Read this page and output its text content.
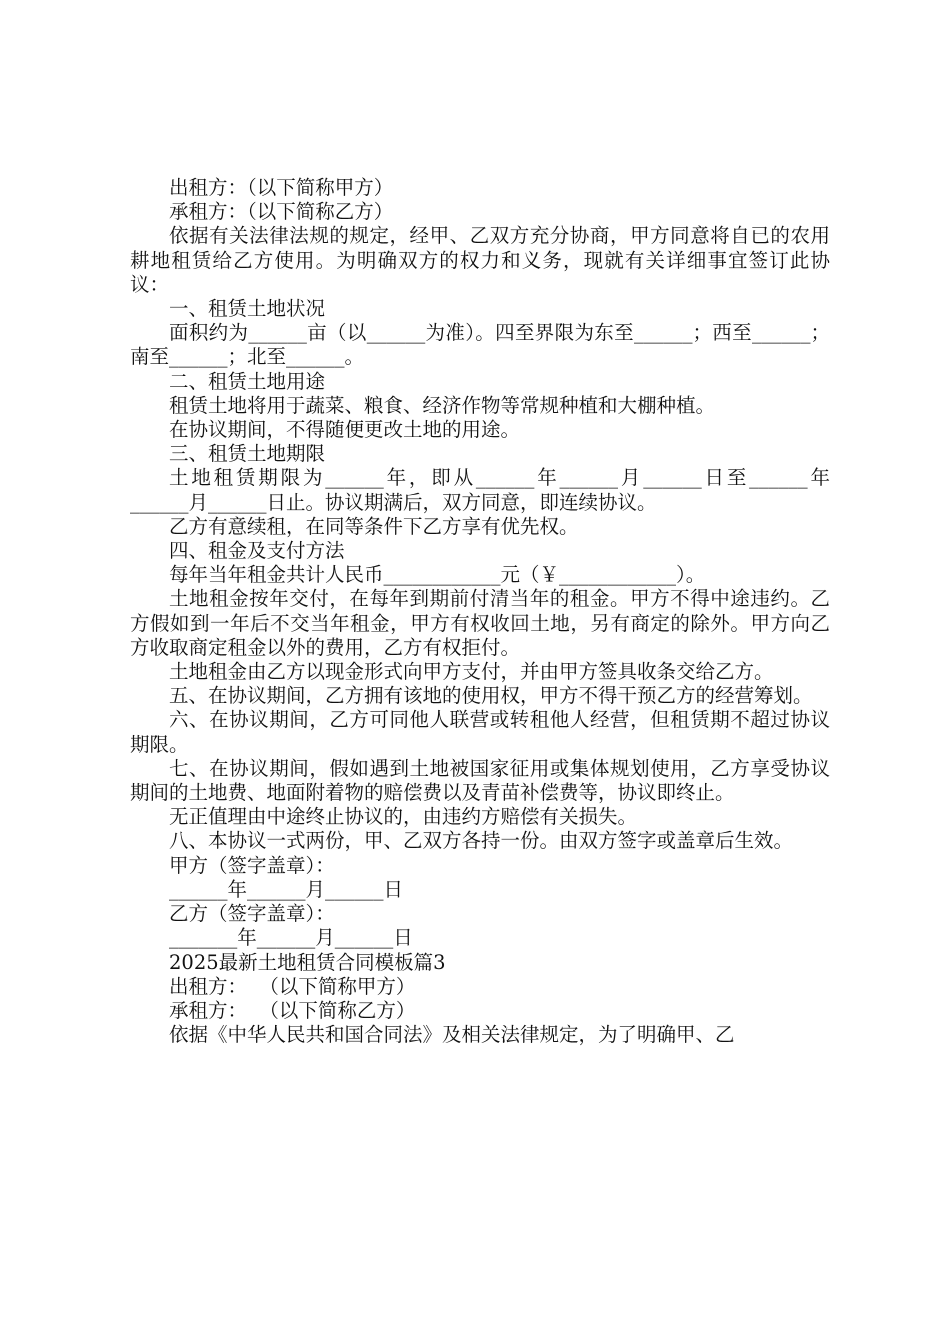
出租方：（以下简称甲方）

承租方：（以下简称乙方）

依据有关法律法规的规定，经甲、乙双方充分协商，甲方同意将自已的农用耕地租赁给乙方使用。为明确双方的权力和义务，现就有关详细事宜签订此协议：

一、租赁土地状况

面积约为______亩（以______为准）。四至界限为东至______；西至______；南至______；北至______。

二、租赁土地用途

租赁土地将用于蔬菜、粮食、经济作物等常规种植和大棚种植。

在协议期间，不得随便更改土地的用途。

三、租赁土地期限

土地租赁期限为______年，即从______年______月______日至______年______月______日止。协议期满后，双方同意，即连续协议。

乙方有意续租，在同等条件下乙方享有优先权。

四、租金及支付方法

每年当年租金共计人民币____________元（￥____________）。

土地租金按年交付，在每年到期前付清当年的租金。甲方不得中途违约。乙方假如到一年后不交当年租金，甲方有权收回土地，另有商定的除外。甲方向乙方收取商定租金以外的费用，乙方有权拒付。

土地租金由乙方以现金形式向甲方支付，并由甲方签具收条交给乙方。

五、在协议期间，乙方拥有该地的使用权，甲方不得干预乙方的经营筹划。

六、在协议期间，乙方可同他人联营或转租他人经营，但租赁期不超过协议期限。

七、在协议期间，假如遇到土地被国家征用或集体规划使用，乙方享受协议期间的土地费、地面附着物的赔偿费以及青苗补偿费等，协议即终止。

无正值理由中途终止协议的，由违约方赔偿有关损失。

八、本协议一式两份，甲、乙双方各持一份。由双方签字或盖章后生效。

甲方（签字盖章）：

______年______月______日

乙方（签字盖章）：

_______年______月______日

2025最新土地租赁合同模板篇3

出租方：  （以下简称甲方）

承租方：  （以下简称乙方）

依据《中华人民共和国合同法》及相关法律规定，为了明确甲、乙
